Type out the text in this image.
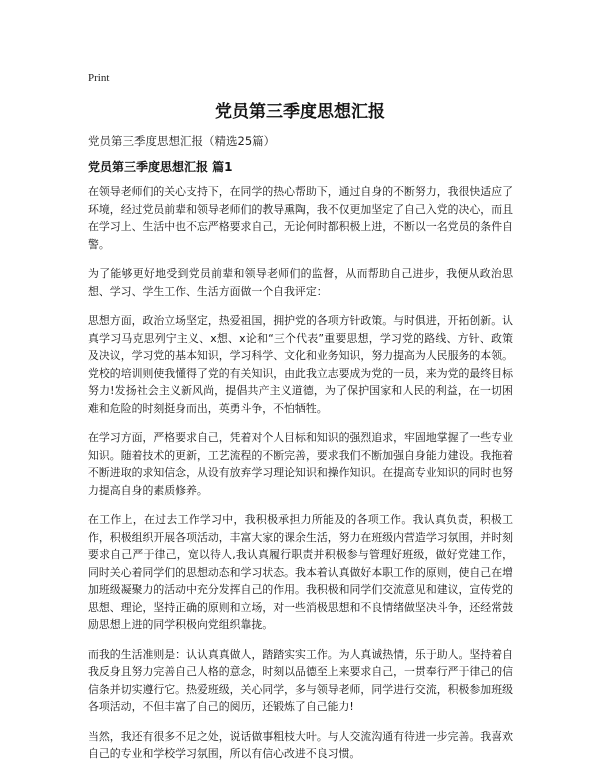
Print
党员第三季度思想汇报
党员第三季度思想汇报（精选25篇）
党员第三季度思想汇报 篇1

在领导老师们的关心支持下，在同学的热心帮助下，通过自身的不断努力，我很快适应了环境，经过党员前辈和领导老师们的教导熏陶，我不仅更加坚定了自己入党的决心，而且在学习上、生活中也不忘严格要求自己，无论何时都积极上进，不断以一名党员的条件自警。

为了能够更好地受到党员前辈和领导老师们的监督，从而帮助自己进步，我便从政治思想、学习、学生工作、生活方面做一个自我评定：

思想方面，政治立场坚定，热爱祖国，拥护党的各项方针政策。与时俱进，开拓创新。认真学习马克思列宁主义、x想、x论和“三个代表”重要思想，学习党的路线、方针、政策及决议，学习党的基本知识，学习科学、文化和业务知识，努力提高为人民服务的本领。党校的培训则使我懂得了党的有关知识，由此我立志要成为党的一员，来为党的最终目标努力!发扬社会主义新风尚，提倡共产主义道德，为了保护国家和人民的利益，在一切困难和危险的时刻挺身而出，英勇斗争，不怕牺牲。

在学习方面，严格要求自己，凭着对个人目标和知识的强烈追求，牢固地掌握了一些专业知识。随着技术的更新，工艺流程的不断完善，要求我们不断加强自身能力建设。我拖着不断进取的求知信念，从设有放弃学习理论知识和操作知识。在提高专业知识的同时也努力提高自身的素质修养。

在工作上，在过去工作学习中，我积极承担力所能及的各项工作。我认真负责，积极工作，积极组织开展各项活动，丰富大家的课余生活，努力在班级内营造学习氛围，并时刻要求自己严于律己，宽以待人,我认真履行职责并积极参与管理好班级，做好党建工作，同时关心着同学们的思想动态和学习状态。我本着认真做好本职工作的原则，使自己在增加班级凝聚力的活动中充分发挥自己的作用。我积极和同学们交流意见和建议，宣传党的思想、理论，坚持正确的原则和立场，对一些消极思想和不良情绪做坚决斗争，还经常鼓励思想上进的同学积极向党组织靠拢。

而我的生活准则是：认认真真做人，踏踏实实工作。为人真诚热情，乐于助人。坚持着自我反身且努力完善自己人格的意念，时刻以品德至上来要求自己，一贯奉行严于律己的信信条并切实遵行它。热爱班级，关心同学，多与领导老师，同学进行交流，积极参加班级各项活动，不但丰富了自己的阅历，还锻炼了自己能力!

当然，我还有很多不足之处，说话做事粗枝大叶。与人交流沟通有待进一步完善。我喜欢自己的专业和学校学习氛围，所以有信心改进不良习惯。
